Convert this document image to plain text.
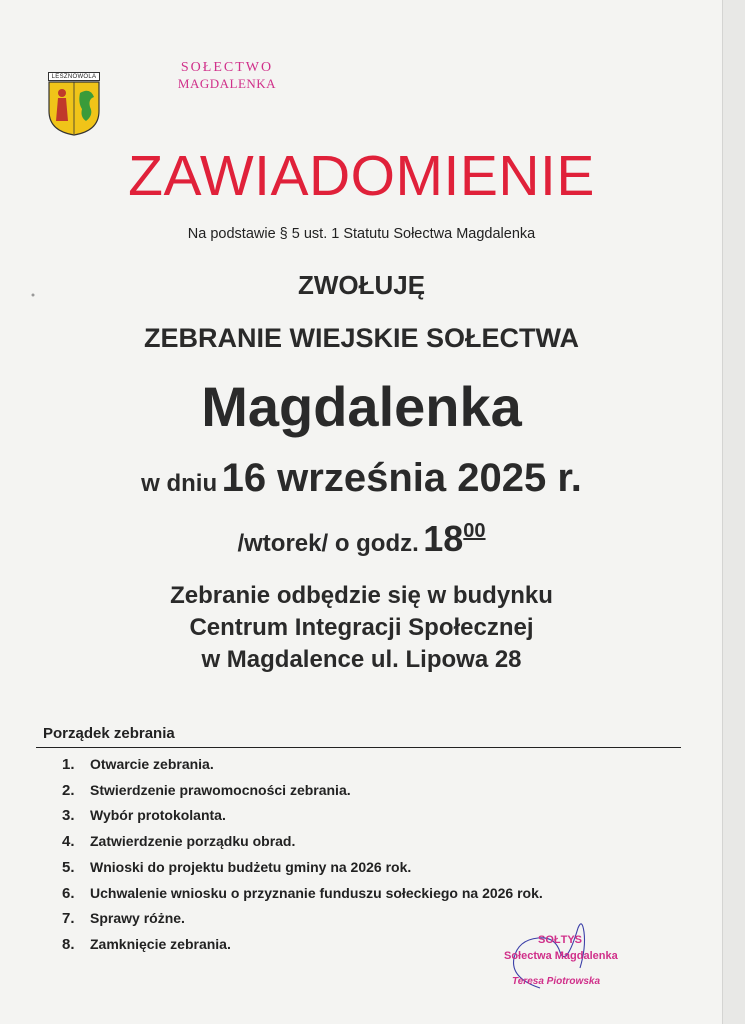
LESZNOWOLA
SOŁECTWO
MAGDALENKA
ZAWIADOMIENIE
Na podstawie § 5 ust. 1 Statutu Sołectwa Magdalenka
ZWOŁUJĘ
ZEBRANIE WIEJSKIE SOŁECTWA
Magdalenka
w dniu 16 września 2025 r.
/wtorek/ o godz. 1800
Zebranie odbędzie się w budynku
Centrum Integracji Społecznej
w Magdalence ul. Lipowa 28
Porządek zebrania
1. Otwarcie zebrania.
2. Stwierdzenie prawomocności zebrania.
3. Wybór protokolanta.
4. Zatwierdzenie porządku obrad.
5. Wnioski do projektu budżetu gminy na 2026 rok.
6. Uchwalenie wniosku o przyznanie funduszu sołeckiego na 2026 rok.
7. Sprawy różne.
8. Zamknięcie zebrania.	SOŁTYS
Sołectwa Magdalenka
Teresa Piotrowska
